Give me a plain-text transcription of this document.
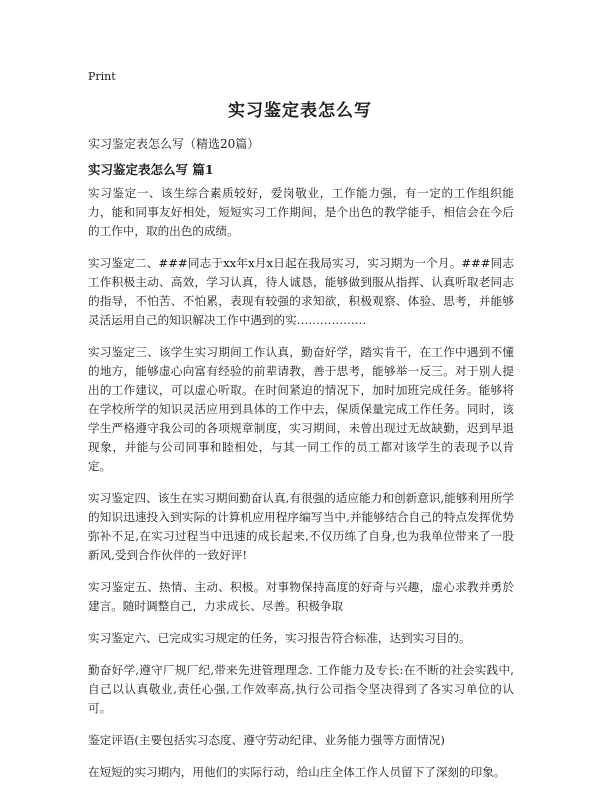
Print
实习鉴定表怎么写
实习鉴定表怎么写（精选20篇）
实习鉴定表怎么写 篇1

实习鉴定一、该生综合素质较好，爱岗敬业，工作能力强，有一定的工作组织能力，能和同事友好相处，短短实习工作期间，是个出色的教学能手，相信会在今后的工作中，取的出色的成绩。

实习鉴定二、###同志于xx年x月x日起在我局实习，实习期为一个月。###同志工作积极主动、高效，学习认真，待人诚恳，能够做到服从指挥、认真听取老同志的指导，不怕苦、不怕累，表现有较强的求知欲，积极观察、体验、思考，并能够灵活运用自己的知识解决工作中遇到的实………………

实习鉴定三、该学生实习期间工作认真，勤奋好学，踏实肯干，在工作中遇到不懂的地方，能够虚心向富有经验的前辈请教，善于思考，能够举一反三。对于别人提出的工作建议，可以虚心听取。在时间紧迫的情况下，加时加班完成任务。能够将在学校所学的知识灵活应用到具体的工作中去，保质保量完成工作任务。同时，该学生严格遵守我公司的各项规章制度，实习期间，未曾出现过无故缺勤，迟到早退现象，并能与公司同事和睦相处，与其一同工作的员工都对该学生的表现予以肯定。

实习鉴定四、该生在实习期间勤奋认真,有很强的适应能力和创新意识,能够利用所学的知识迅速投入到实际的计算机应用程序编写当中,并能够结合自己的特点发挥优势弥补不足,在实习过程当中迅速的成长起来,不仅历练了自身,也为我单位带来了一股新风,受到合作伙伴的一致好评!

实习鉴定五、热情、主动、积极。对事物保持高度的好奇与兴趣，虚心求教并勇於建言。随时调整自己，力求成长、尽善。积极争取

实习鉴定六、已完成实习规定的任务，实习报告符合标准，达到实习目的。

勤奋好学,遵守厂规厂纪,带来先进管理理念. 工作能力及专长:在不断的社会实践中,自己以认真敬业,责任心强,工作效率高,执行公司指令坚决得到了各实习单位的认可。

鉴定评语(主要包括实习态度、遵守劳动纪律、业务能力强等方面情况)

在短短的实习期内，用他们的实际行动，给山庄全体工作人员留下了深刻的印象。
